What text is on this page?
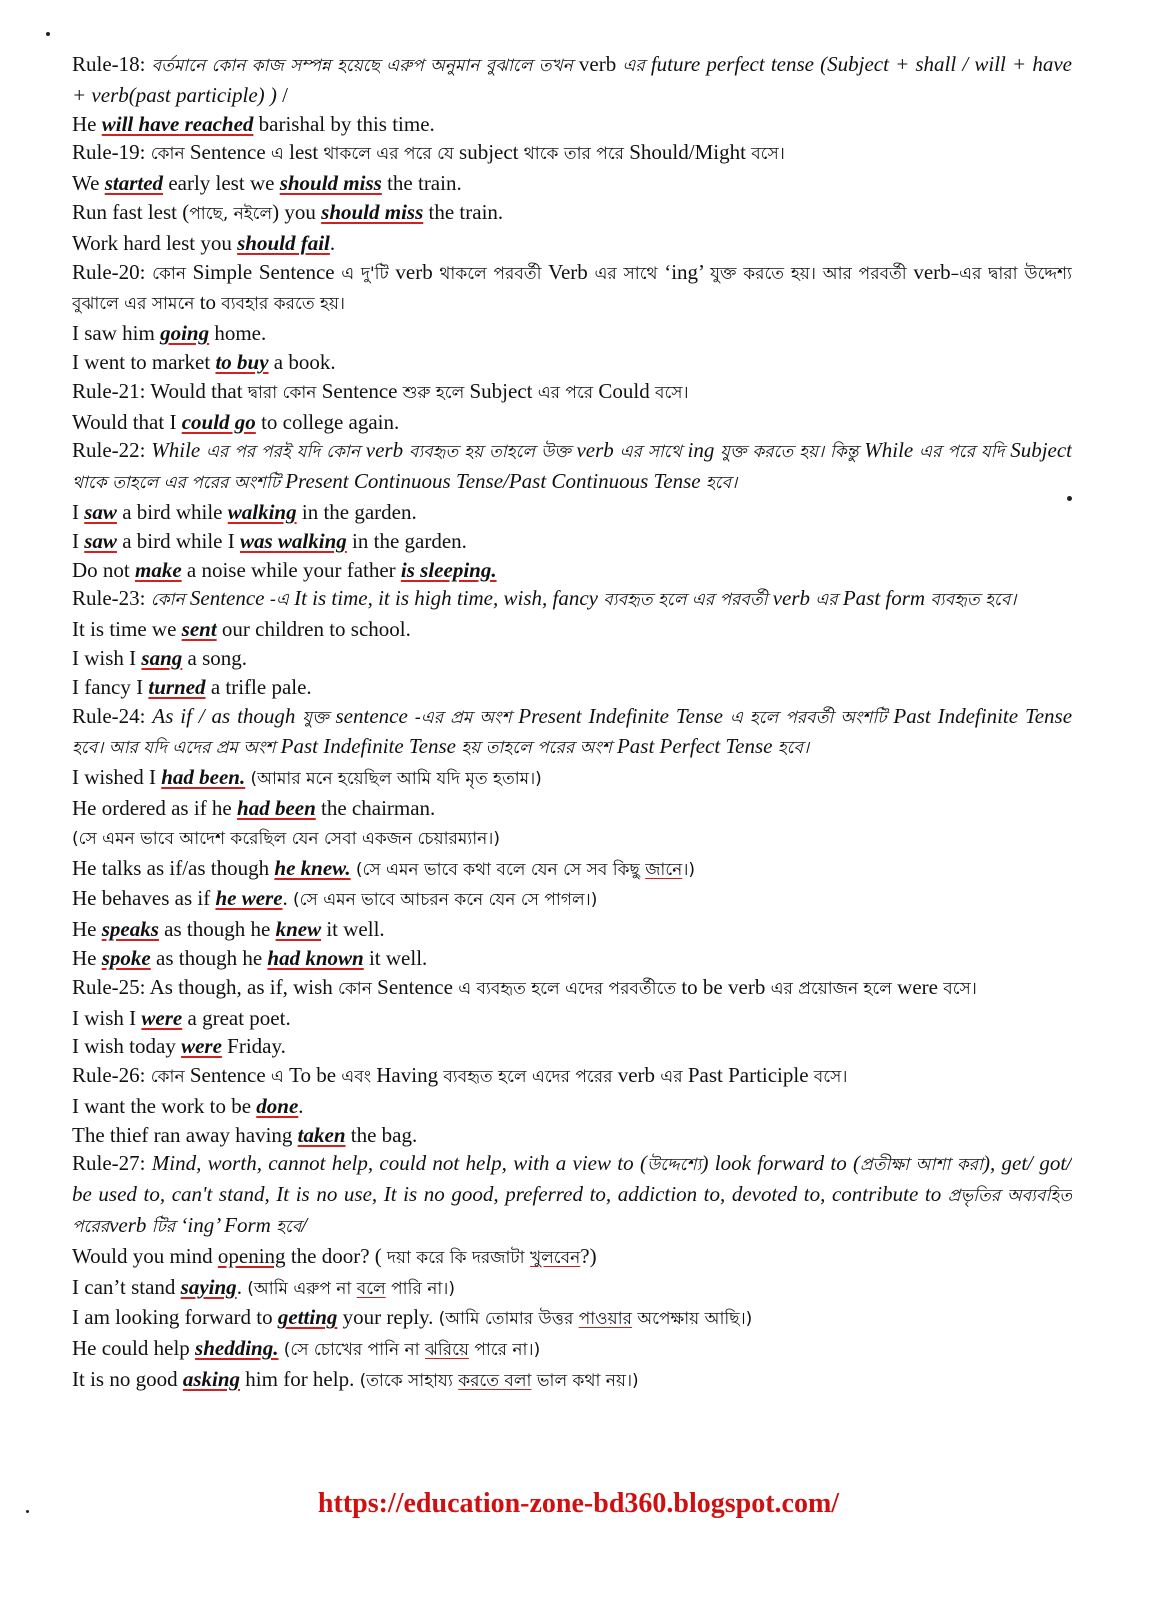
Rule-18: বর্তমানে কোন কাজ সম্পন্ন হয়েছে এরুপ অনুমান বুঝালে তখন verb এর future perfect tense (Subject + shall / will + have + verb(past participle) ) /

He will have reached barishal by this time.

Rule-19: কোন Sentence এ lest থাকলে এর পরে যে subject থাকে তার পরে Should/Might বসে।

We started early lest we should miss the train.

Run fast lest (পাছে, নইলে) you should miss the train.

Work hard lest you should fail.

Rule-20: কোন Simple Sentence এ দু'টি verb থাকলে পরবর্তী Verb এর সাথে ‘ing’ যুক্ত করতে হয়। আর পরবর্তী verb–এর দ্বারা উদ্দেশ্য বুঝালে এর সামনে to ব্যবহার করতে হয়।

I saw him going home.

I went to market to buy a book.

Rule-21: Would that দ্বারা কোন Sentence শুরু হলে Subject এর পরে Could বসে।

Would that I could go to college again.

Rule-22: While এর পর পরই যদি কোন verb ব্যবহৃত হয় তাহলে উক্ত verb এর সাথে ing যুক্ত করতে হয়। কিন্তু While এর পরে যদি Subject থাকে তাহলে এর পরের অংশটি Present Continuous Tense/Past Continuous Tense হবে।

I saw a bird while walking in the garden.

I saw a bird while I was walking in the garden.

Do not make a noise while your father is sleeping.

Rule-23: কোন Sentence -এ It is time, it is high time, wish, fancy ব্যবহৃত হলে এর পরবর্তী verb এর Past form ব্যবহৃত হবে।

It is time we sent our children to school.

I wish I sang a song.

I fancy I turned a trifle pale.

Rule-24: As if / as though যুক্ত sentence -এর প্রম অংশ Present Indefinite Tense এ হলে পরবর্তী অংশটি Past Indefinite Tense হবে। আর যদি এদের প্রম অংশ Past Indefinite Tense হয় তাহলে পরের অংশ Past Perfect Tense হবে।

I wished I had been. (আমার মনে হয়েছিল আমি যদি মৃত হতাম।)

He ordered as if he had been the chairman.

(সে এমন ভাবে আদেশ করেছিল যেন সেবা একজন চেয়ারম্যান।)

He talks as if/as though he knew. (সে এমন ভাবে কথা বলে যেন সে সব কিছু জানে।)

He behaves as if he were. (সে এমন ভাবে আচরন কনে যেন সে পাগল।)

He speaks as though he knew it well.

He spoke as though he had known it well.

Rule-25: As though, as if, wish কোন Sentence এ ব্যবহৃত হলে এদের পরবর্তীতে to be verb এর প্রয়োজন হলে were বসে।

I wish I were a great poet.

I wish today were Friday.

Rule-26: কোন Sentence এ To be এবং Having ব্যবহৃত হলে এদের পরের verb এর Past Participle বসে।

I want the work to be done.

The thief ran away having taken the bag.

Rule-27: Mind, worth, cannot help, could not help, with a view to (উদ্দেশ্যে) look forward to (প্রতীক্ষা আশা করা), get/ got/ be used to, can't stand, It is no use, It is no good, preferred to, addiction to, devoted to, contribute to প্রভৃতির অব্যবহিত পরেরverb টির ‘ing’ Form হবে/

Would you mind opening the door? ( দয়া করে কি দরজাটা খুলবেন?)

I can’t stand saying. (আমি এরুপ না বলে পারি না।)

I am looking forward to getting your reply. (আমি তোমার উত্তর পাওয়ার অপেক্ষায় আছি।)

He could help shedding. (সে চোখের পানি না ঝরিয়ে পারে না।)

It is no good asking him for help. (তাকে সাহায্য করতে বলা ভাল কথা নয়।)

https://education-zone-bd360.blogspot.com/
